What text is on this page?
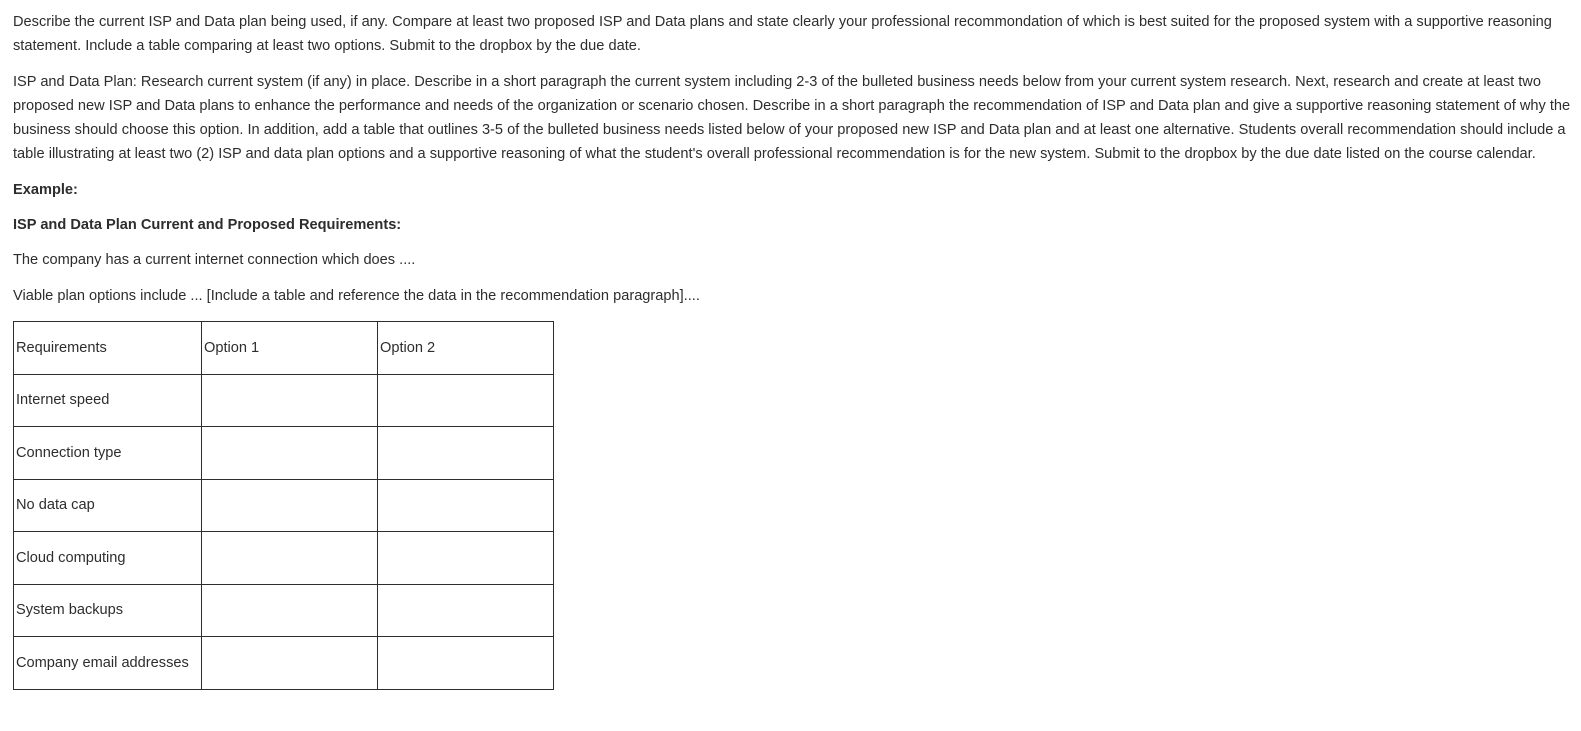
Describe the current ISP and Data plan being used, if any. Compare at least two proposed ISP and Data plans and state clearly your professional recommondation of which is best suited for the proposed system with a supportive reasoning statement. Include a table comparing at least two options. Submit to the dropbox by the due date.

ISP and Data Plan: Research current system (if any) in place. Describe in a short paragraph the current system including 2-3 of the bulleted business needs below from your current system research. Next, research and create at least two proposed new ISP and Data plans to enhance the performance and needs of the organization or scenario chosen. Describe in a short paragraph the recommendation of ISP and Data plan and give a supportive reasoning statement of why the business should choose this option. In addition, add a table that outlines 3-5 of the bulleted business needs listed below of your proposed new ISP and Data plan and at least one alternative. Students overall recommendation should include a table illustrating at least two (2) ISP and data plan options and a supportive reasoning of what the student's overall professional recommendation is for the new system. Submit to the dropbox by the due date listed on the course calendar.

Example:

ISP and Data Plan Current and Proposed Requirements:

The company has a current internet connection which does ....

Viable plan options include ... [Include a table and reference the data in the recommendation paragraph]....

Requirements	Option 1	Option 2
Internet speed		
Connection type		
No data cap		
Cloud computing		
System backups		
Company email addresses		
